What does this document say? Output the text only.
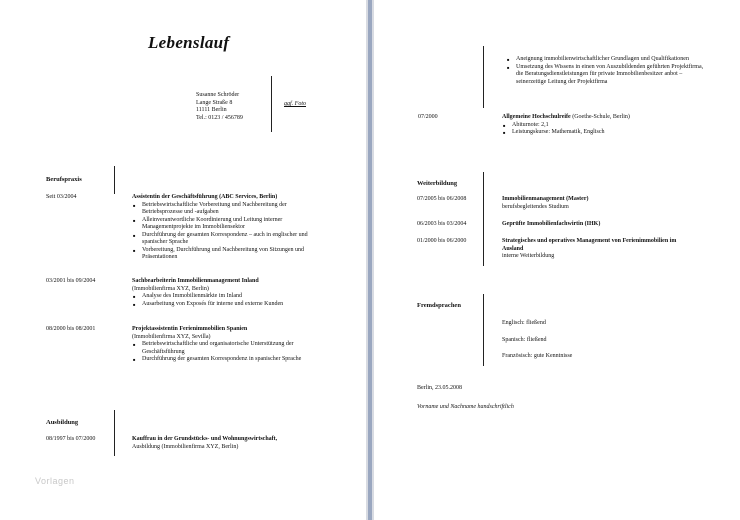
Lebenslauf
Susanne Schröder
Lange Straße 8
11111 Berlin
Tel.: 0123 / 456789
ggf. Foto
Berufspraxis
Seit 03/2004	Assistentin der Geschäftsführung (ABC Services, Berlin)
■ Betriebswirtschaftliche Vorbereitung und Nachbereitung der Betriebsprozesse und -aufgaben
■ Alleinverantwortliche Koordinierung und Leitung interner Managementprojekte im Immobiliensektor
■ Durchführung der gesamten Korrespondenz – auch in englischer und spanischer Sprache
■ Vorbereitung, Durchführung und Nachbereitung von Sitzungen und Präsentationen
03/2001 bis 09/2004	Sachbearbeiterin Immobilienmanagement Inland
(Immobilienfirma XYZ, Berlin)
■ Analyse des Immobilienmärkte im Inland
■ Ausarbeitung von Exposés für interne und externe Kunden
08/2000 bis 08/2001	Projektassistentin Ferienimmobilien Spanien
(Immobilienfirma XYZ, Sevilla)
■ Betriebswirtschaftliche und organisatorische Unterstützung der Geschäftsführung
■ Durchführung der gesamten Korrespondenz in spanischer Sprache
Ausbildung
08/1997 bis 07/2000	Kauffrau in der Grundstücks- und Wohnungswirtschaft,
Ausbildung (Immobilienfirma XYZ, Berlin)
Vorlagen
■ Aneignung immobilienwirtschaftlicher Grundlagen und Qualifikationen
■ Umsetzung des Wissens in einen von Auszubildenden geführten Projektfirma, die Beratungsdienstleistungen für private Immobilienbesitzer anbot – seinerzeitige Leitung der Projektfirma
07/2000	Allgemeine Hochschulreife (Goethe-Schule, Berlin)
■ Abiturnote: 2,1
■ Leistungskurse: Mathematik, Englisch
Weiterbildung
07/2005 bis 06/2008	Immobilienmanagement (Master)
berufsbegleitendes Studium
06/2003 bis 03/2004	Geprüfte Immobilienfachwirtin (IHK)
01/2000 bis 06/2000	Strategisches und operatives Management von Ferienimmobilien im Ausland
interne Weiterbildung
Fremdsprachen
Englisch: fließend
Spanisch: fließend
Französisch: gute Kenntnisse
Berlin, 23.05.2008
Vorname und Nachname handschriftlich
